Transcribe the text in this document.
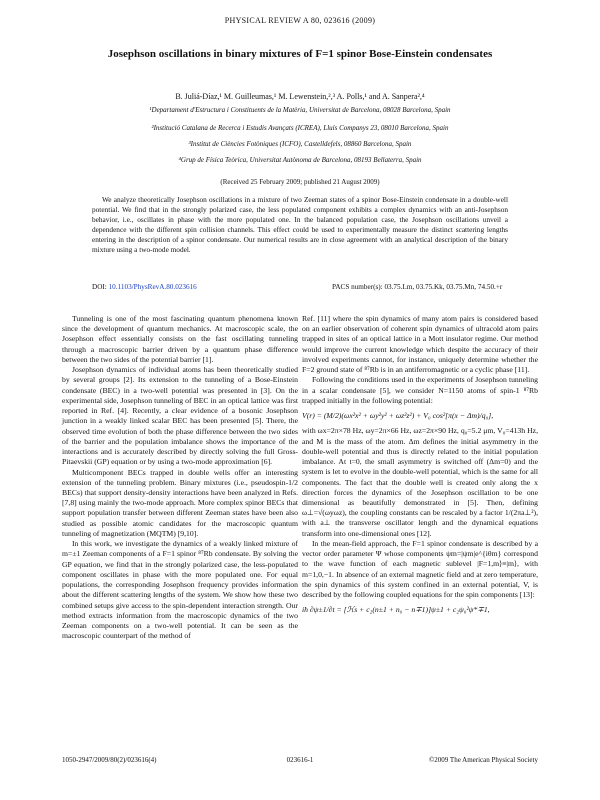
PHYSICAL REVIEW A 80, 023616 (2009)
Josephson oscillations in binary mixtures of F=1 spinor Bose-Einstein condensates
B. Juliá-Díaz,¹ M. Guilleumas,¹ M. Lewenstein,²,³ A. Polls,¹ and A. Sanpera²,⁴
¹Departament d'Estructura i Constituents de la Matèria, Universitat de Barcelona, 08028 Barcelona, Spain
²Institució Catalana de Recerca i Estudis Avançats (ICREA), Lluís Companys 23, 08010 Barcelona, Spain
³Institut de Ciències Fotòniques (ICFO), Castelldefels, 08860 Barcelona, Spain
⁴Grup de Física Teòrica, Universitat Autònoma de Barcelona, 08193 Bellaterra, Spain
(Received 25 February 2009; published 21 August 2009)
We analyze theoretically Josephson oscillations in a mixture of two Zeeman states of a spinor Bose-Einstein condensate in a double-well potential. We find that in the strongly polarized case, the less populated component exhibits a complex dynamics with an anti-Josephson behavior, i.e., oscillates in phase with the more populated one. In the balanced population case, the Josephson oscillations unveil a dependence with the different spin collision channels. This effect could be used to experimentally measure the distinct scattering lengths entering in the description of a spinor condensate. Our numerical results are in close agreement with an analytical description of the binary mixture using a two-mode model.
DOI: 10.1103/PhysRevA.80.023616	PACS number(s): 03.75.Lm, 03.75.Kk, 03.75.Mn, 74.50.+r

Tunneling is one of the most fascinating quantum phenomena known since the development of quantum mechanics. At macroscopic scale, the Josephson effect essentially consists on the fast oscillating tunneling through a macroscopic barrier driven by a quantum phase difference between the two sides of the potential barrier [1].

Josephson dynamics of individual atoms has been theoretically studied by several groups [2]. Its extension to the tunneling of a Bose-Einstein condensate (BEC) in a two-well potential was presented in [3]. On the experimental side, Josephson tunneling of BEC in an optical lattice was first reported in Ref. [4]. Recently, a clear evidence of a bosonic Josephson junction in a weakly linked scalar BEC has been presented [5]. There, the observed time evolution of both the phase difference between the two sides of the barrier and the population imbalance shows the importance of the interactions and is accurately described by directly solving the full Gross-Pitaevskii (GP) equation or by using a two-mode approximation [6].

Multicomponent BECs trapped in double wells offer an interesting extension of the tunneling problem. Binary mixtures (i.e., pseudospin-1/2 BECs) that support density-density interactions have been analyzed in Refs. [7,8] using mainly the two-mode approach. More complex spinor BECs that support population transfer between different Zeeman states have been also studied as possible atomic candidates for the macroscopic quantum tunneling of magnetization (MQTM) [9,10].

In this work, we investigate the dynamics of a weakly linked mixture of m=±1 Zeeman components of a F=1 spinor ⁸⁷Rb condensate. By solving the GP equation, we find that in the strongly polarized case, the less-populated component oscillates in phase with the more populated one. For equal populations, the corresponding Josephson frequency provides information about the different scattering lengths of the system. We show how these two combined setups give access to the spin-dependent interaction strength. Our method extracts information from the macroscopic dynamics of the two Zeeman components on a two-well potential. It can be seen as the macroscopic counterpart of the method of

Ref. [11] where the spin dynamics of many atom pairs is considered based on an earlier observation of coherent spin dynamics of ultracold atom pairs trapped in sites of an optical lattice in a Mott insulator regime. Our method would improve the current knowledge which despite the accuracy of their involved experiments cannot, for instance, uniquely determine whether the F=2 ground state of ⁸⁷Rb is in an antiferromagnetic or a cyclic phase [11].

Following the conditions used in the experiments of Josephson tunneling in a scalar condensate [5], we consider N=1150 atoms of spin-1 ⁸⁷Rb trapped initially in the following potential:

V(r) = (M/2)(ωx²x² + ωy²y² + ωz²z²) + V₀ cos²[π(x − Δm)/q₀],

with ωx=2π×78 Hz, ωy=2π×66 Hz, ωz=2π×90 Hz, q₀=5.2 μm, V₀=413h Hz, and M is the mass of the atom. Δm defines the initial asymmetry in the double-well potential and thus is directly related to the initial population imbalance. At t=0, the small asymmetry is switched off (Δm=0) and the system is let to evolve in the double-well potential, which is the same for all components. The fact that the double well is created only along the x direction forces the dynamics of the Josephson oscillation to be one dimensional as beautifully demonstrated in [5]. Then, defining ω⊥=√(ωyωz), the coupling constants can be rescaled by a factor 1/(2πa⊥²), with a⊥ the transverse oscillator length and the dynamical equations transform into one-dimensional ones [12].

In the mean-field approach, the F=1 spinor condensate is described by a vector order parameter Ψ whose components ψm=|ψm|e^{iθm} correspond to the wave function of each magnetic sublevel |F=1,m⟩≡|m⟩, with m=1,0,−1. In absence of an external magnetic field and at zero temperature, the spin dynamics of this system confined in an external potential, V, is described by the following coupled equations for the spin components [13]:

iħ ∂ψ±1/∂t = [ℋs + c₂(n±1 + n₀ − n∓1)]ψ±1 + c₂ψ₀²ψ*∓1,
1050-2947/2009/80(2)/023616(4)	023616-1	©2009 The American Physical Society
